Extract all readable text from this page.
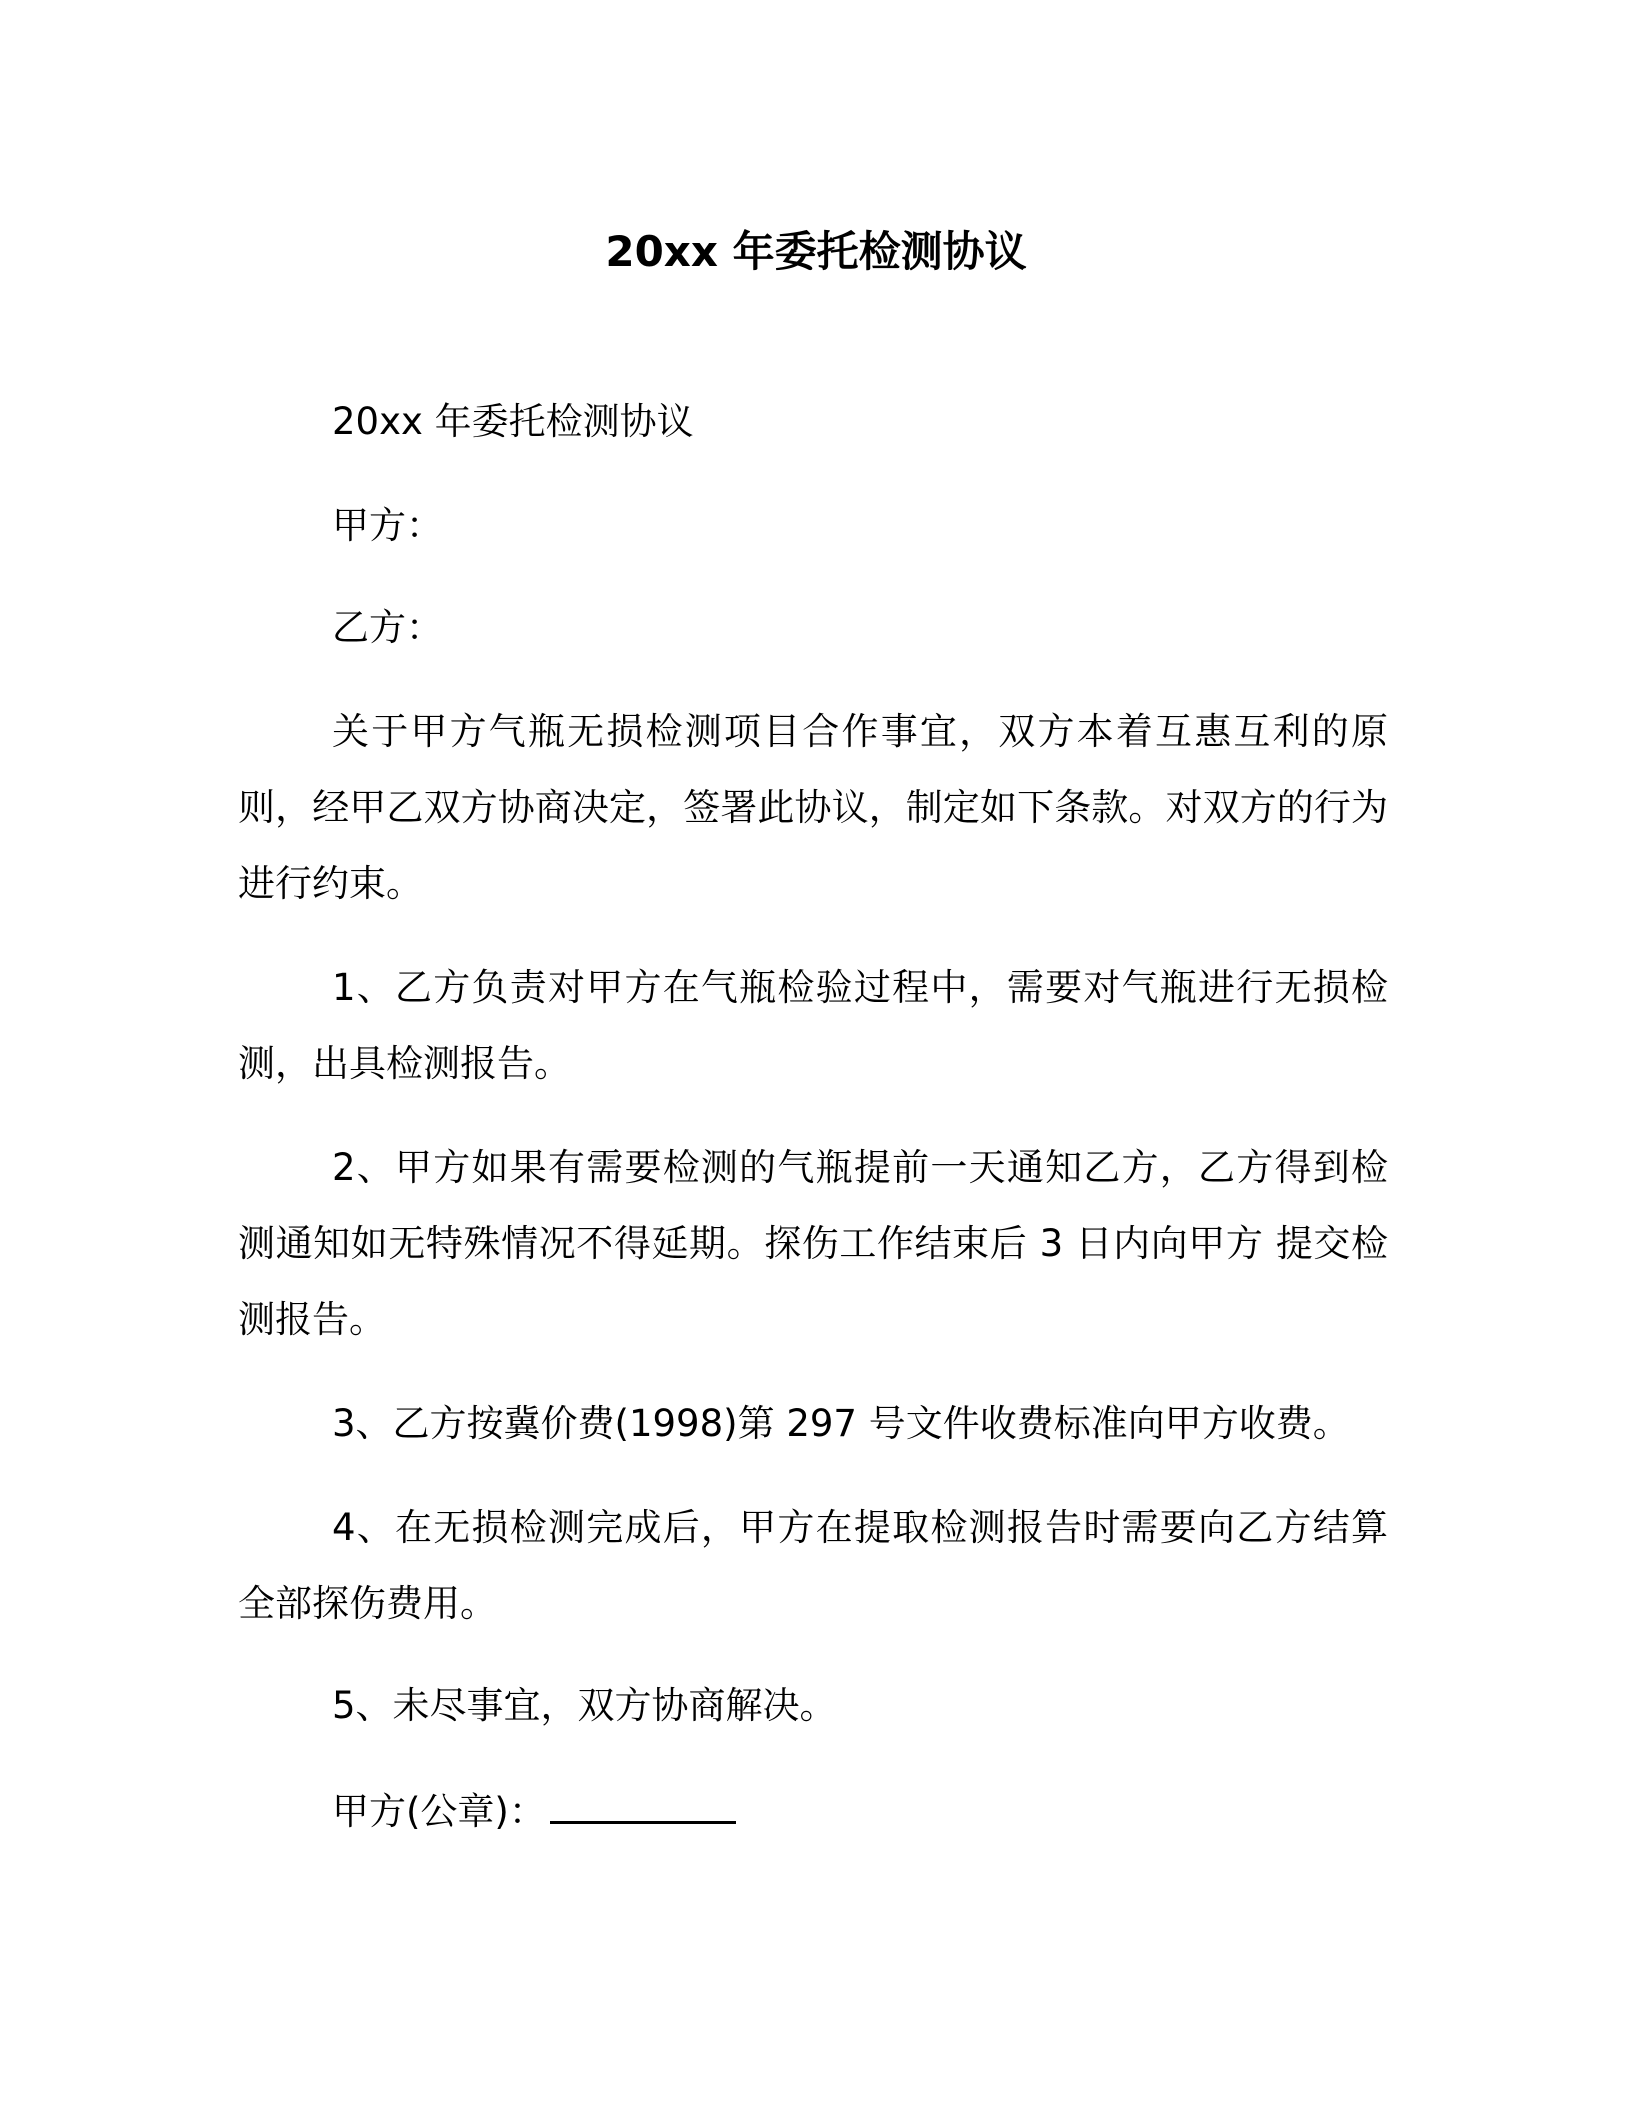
20xx 年委托检测协议

20xx 年委托检测协议

甲方：

乙方：

关于甲方气瓶无损检测项目合作事宜，双方本着互惠互利的原则，经甲乙双方协商决定，签署此协议，制定如下条款。对双方的行为进行约束。

1、乙方负责对甲方在气瓶检验过程中，需要对气瓶进行无损检测，出具检测报告。

2、甲方如果有需要检测的气瓶提前一天通知乙方，乙方得到检测通知如无特殊情况不得延期。探伤工作结束后 3 日内向甲方 提交检测报告。

3、乙方按冀价费(1998)第 297 号文件收费标准向甲方收费。

4、在无损检测完成后，甲方在提取检测报告时需要向乙方结算全部探伤费用。

5、未尽事宜，双方协商解决。

甲方(公章)：
